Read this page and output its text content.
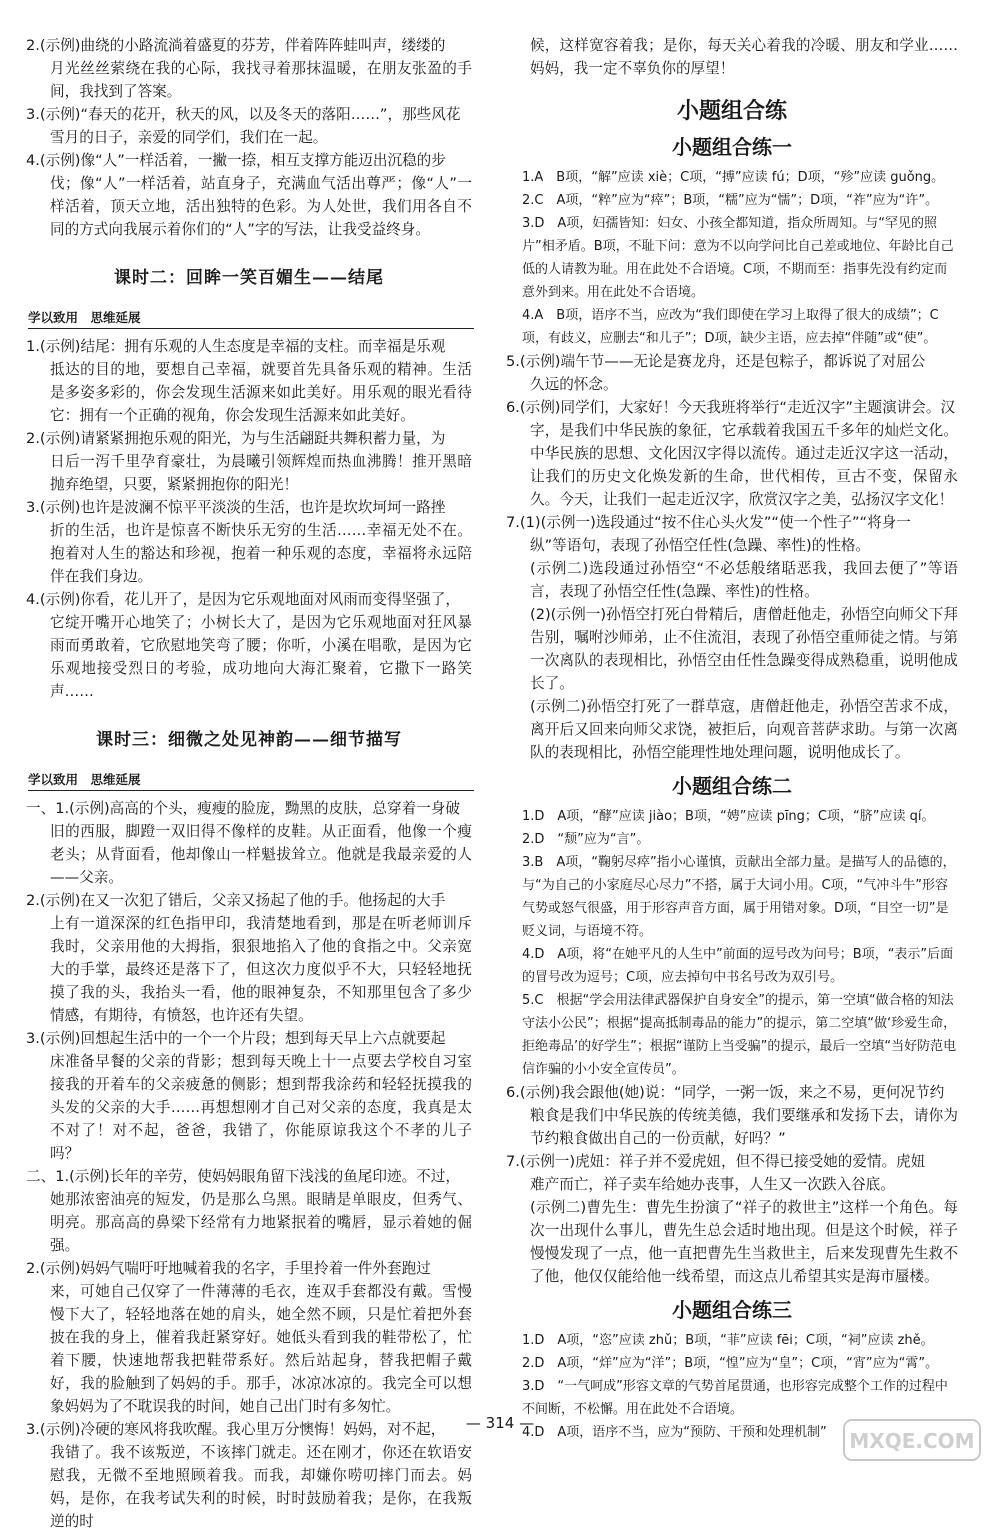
2.(示例)曲绕的小路流淌着盛夏的芬芳，伴着阵阵蛙叫声，缕缕的
月光丝丝萦绕在我的心际，我找寻着那抹温暖，在朋友张盈的手间，我找到了答案。
3.(示例)“春天的花开，秋天的风，以及冬天的落阳……”，那些风花
雪月的日子，亲爱的同学们，我们在一起。
4.(示例)像“人”一样活着，一撇一捺，相互支撑方能迈出沉稳的步
伐；像“人”一样活着，站直身子，充满血气活出尊严；像“人”一样活着，顶天立地，活出独特的色彩。为人处世，我们用各自不同的方式向我展示着你们的“人”字的写法，让我受益终身。
课时二：回眸一笑百媚生——结尾
学以致用　思维延展
1.(示例)结尾：拥有乐观的人生态度是幸福的支柱。而幸福是乐观
抵达的目的地，要想自己幸福，就要首先具备乐观的精神。生活是多姿多彩的，你会发现生活源来如此美好。用乐观的眼光看待它：拥有一个正确的视角，你会发现生活源来如此美好。
2.(示例)请紧紧拥抱乐观的阳光，为与生活翩跹共舞积蓄力量，为
日后一泻千里孕育豪壮，为晨曦引领辉煌而热血沸腾！推开黑暗抛弃绝望，只要，紧紧拥抱你的阳光！
3.(示例)也许是波澜不惊平平淡淡的生活，也许是坎坎坷坷一路挫
折的生活，也许是惊喜不断快乐无穷的生活……幸福无处不在。抱着对人生的豁达和珍视，抱着一种乐观的态度，幸福将永远陪伴在我们身边。
4.(示例)你看，花儿开了，是因为它乐观地面对风雨而变得坚强了，
它绽开嘴开心地笑了；小树长大了，是因为它乐观地面对狂风暴雨而勇敢着，它欣慰地笑弯了腰；你听，小溪在唱歌，是因为它乐观地接受烈日的考验，成功地向大海汇聚着，它撒下一路笑声……
课时三：细微之处见神韵——细节描写
学以致用　思维延展
一、1.(示例)高高的个头，瘦瘦的脸庞，黝黑的皮肤，总穿着一身破
旧的西服，脚蹬一双旧得不像样的皮鞋。从正面看，他像一个瘦老头；从背面看，他却像山一样魁拔耸立。他就是我最亲爱的人——父亲。
2.(示例)在又一次犯了错后，父亲又扬起了他的手。他扬起的大手
上有一道深深的红色指甲印，我清楚地看到，那是在听老师训斥我时，父亲用他的大拇指，狠狠地掐入了他的食指之中。父亲宽大的手掌，最终还是落下了，但这次力度似乎不大，只轻轻地抚摸了我的头，我抬头一看，他的眼神复杂，不知那里包含了多少情感，有期待，有愤怒，也许还有失望。
3.(示例)回想起生活中的一个一个片段；想到每天早上六点就要起
床准备早餐的父亲的背影；想到每天晚上十一点要去学校自习室接我的开着车的父亲疲惫的侧影；想到帮我涂药和轻轻抚摸我的头发的父亲的大手……再想想刚才自己对父亲的态度，我真是太不对了！对不起，爸爸，我错了，你能原谅我这个不孝的儿子吗？
二、1.(示例)长年的辛劳，使妈妈眼角留下浅浅的鱼尾印迹。不过，
她那浓密油亮的短发，仍是那么乌黑。眼睛是单眼皮，但秀气、明亮。那高高的鼻梁下经常有力地紧抿着的嘴唇，显示着她的倔强。
2.(示例)妈妈气喘吁吁地喊着我的名字，手里拎着一件外套跑过
来，可她自己仅穿了一件薄薄的毛衣，连双手套都没有戴。雪慢慢下大了，轻轻地落在她的肩头，她全然不顾，只是忙着把外套披在我的身上，催着我赶紧穿好。她低头看到我的鞋带松了，忙着下腰，快速地帮我把鞋带系好。然后站起身，替我把帽子戴好，我的脸触到了妈妈的手。那手，冰凉冰凉的。我完全可以想象妈妈为了不耽误我的时间，她自己出门时有多匆忙。
3.(示例)冷硬的寒风将我吹醒。我心里万分懊悔！妈妈，对不起，
我错了。我不该叛逆，不该摔门就走。还在刚才，你还在软语安慰我，无微不至地照顾着我。而我，却嫌你唠叨摔门而去。妈妈，是你，在我考试失利的时候，时时鼓励着我；是你，在我叛逆的时
候，这样宽容着我；是你，每天关心着我的冷暖、朋友和学业……妈妈，我一定不辜负你的厚望！
小题组合练
小题组合练一
1.A　B项，“解”应读 xiè；C项，“搏”应读 fú；D项，“殄”应读 guǒng。
2.C　A项，“粹”应为“瘁”；B项，“糯”应为“懦”；D项，“祚”应为“许”。
3.D　A项，妇孺皆知：妇女、小孩全都知道，指众所周知。与“罕见的照片”相矛盾。B项，不耻下问：意为不以向学问比自己差或地位、年龄比自己低的人请教为耻。用在此处不合语境。C项，不期而至：指事先没有约定而意外到来。用在此处不合语境。
4.A　B项，语序不当，应改为“我们即使在学习上取得了很大的成绩”；C项，有歧义，应删去“和儿子”；D项，缺少主语，应去掉“伴随”或“使”。
5.(示例)端午节——无论是赛龙舟，还是包粽子，都诉说了对屈公
久远的怀念。
6.(示例)同学们，大家好！今天我班将举行“走近汉字”主题演讲会。汉
字，是我们中华民族的象征，它承载着我国五千多年的灿烂文化。中华民族的思想、文化因汉字得以流传。通过走近汉字这一活动，让我们的历史文化焕发新的生命，世代相传，亘古不变，保留永久。今天，让我们一起走近汉字，欣赏汉字之美，弘扬汉字文化！
7.(1)(示例一)选段通过“按不住心头火发”“使一个性子”“将身一
纵”等语句，表现了孙悟空任性(急躁、率性)的性格。
(示例二)选段通过孙悟空“不必恁般绪聒恶我，我回去便了”等语言，表现了孙悟空任性(急躁、率性)的性格。
(2)(示例一)孙悟空打死白骨精后，唐僧赶他走，孙悟空向师父下拜告别，嘱咐沙师弟，止不住流泪，表现了孙悟空重师徒之情。与第一次离队的表现相比，孙悟空由任性急躁变得成熟稳重，说明他成长了。
(示例二)孙悟空打死了一群草寇，唐僧赶他走，孙悟空苦求不成，离开后又回来向师父求饶，被拒后，向观音菩萨求助。与第一次离队的表现相比，孙悟空能理性地处理问题，说明他成长了。
小题组合练二
1.D　A项，“酵”应读 jiào；B项，“娉”应读 pīng；C项，“脐”应读 qí。
2.D　“颓”应为“言”。
3.B　A项，“鞠躬尽瘁”指小心谨慎，贡献出全部力量。是描写人的品德的，与“为自己的小家庭尽心尽力”不搭，属于大词小用。C项，“气冲斗牛”形容气势或怒气很盛，用于形容声音方面，属于用错对象。D项，“目空一切”是贬义词，与语境不符。
4.D　A项，将“在她平凡的人生中”前面的逗号改为问号；B项，“表示”后面的冒号改为逗号；C项，应去掉句中书名号改为双引号。
5.C　根据“学会用法律武器保护自身安全”的提示，第一空填“做合格的知法守法小公民”；根据“提高抵制毒品的能力”的提示，第二空填“做‘珍爱生命，拒绝毒品’的好学生”；根据“谨防上当受骗”的提示，最后一空填“当好防范电信诈骗的小小安全宣传员”。
6.(示例)我会跟他(她)说：“同学，一粥一饭，来之不易，更何况节约
粮食是我们中华民族的传统美德，我们要继承和发扬下去，请你为节约粮食做出自己的一份贡献，好吗？”
7.(示例一)虎妞：祥子并不爱虎妞，但不得已接受她的爱情。虎妞
难产而亡，祥子卖车给她办丧事，人生又一次跌入谷底。
(示例二)曹先生：曹先生扮演了“祥子的救世主”这样一个角色。每次一出现什么事儿，曹先生总会适时地出现。但是这个时候，祥子慢慢发现了一点，他一直把曹先生当救世主，后来发现曹先生救不了他，他仅仅能给他一线希望，而这点儿希望其实是海市蜃楼。
小题组合练三
1.D　A项，“恣”应读 zhǔ；B项，“菲”应读 fēi；C项，“祠”应读 zhě。
2.D　A项，“烊”应为“洋”；B项，“惶”应为“皇”；C项，“宵”应为“霄”。
3.D　“一气呵成”形容文章的气势首尾贯通，也形容完成整个工作的过程中不间断，不松懈。用在此处不合语境。
4.D　A项，语序不当，应为“预防、干预和处理机制”
— 314 —
MXQE.COM
